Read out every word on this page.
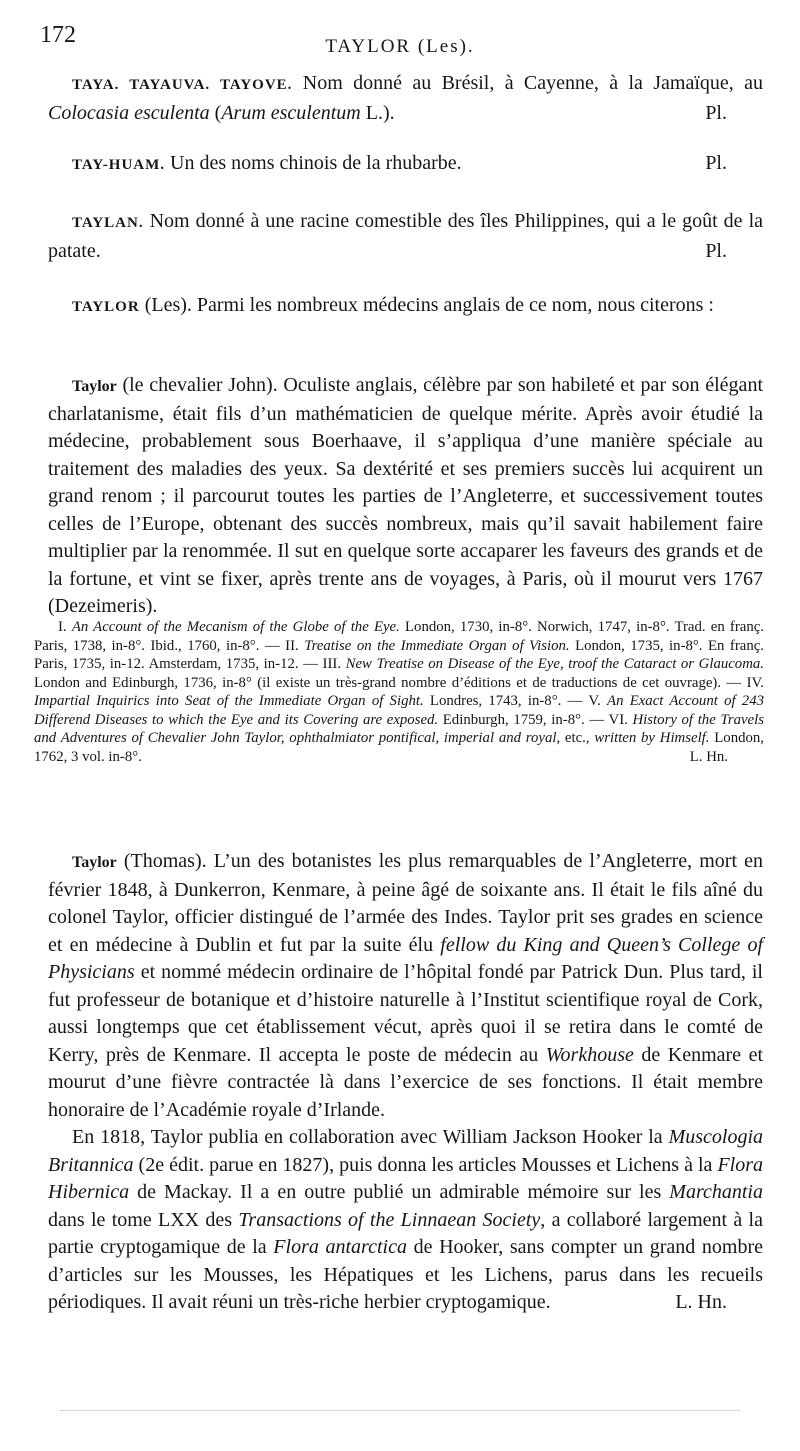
172	TAYLOR (Les).

TAYA. TAYAUVA. TAYOVE. Nom donné au Brésil, à Cayenne, à la Jamaïque, au Colocasia esculenta (Arum esculentum L.).	Pl.

TAY-HUAM. Un des noms chinois de la rhubarbe.	Pl.

TAYLAN. Nom donné à une racine comestible des îles Philippines, qui a le goût de la patate.	Pl.

TAYLOR (Les). Parmi les nombreux médecins anglais de ce nom, nous citerons :

Taylor (le chevalier John). Oculiste anglais, célèbre par son habileté et par son élégant charlatanisme, était fils d’un mathématicien de quelque mérite. Après avoir étudié la médecine, probablement sous Boerhaave, il s’appliqua d’une manière spéciale au traitement des maladies des yeux. Sa dextérité et ses premiers succès lui acquirent un grand renom ; il parcourut toutes les parties de l’Angleterre, et successivement toutes celles de l’Europe, obtenant des succès nombreux, mais qu’il savait habilement faire multiplier par la renommée. Il sut en quelque sorte accaparer les faveurs des grands et de la fortune, et vint se fixer, après trente ans de voyages, à Paris, où il mourut vers 1767 (Dezeimeris).

I. An Account of the Mecanism of the Globe of the Eye. London, 1730, in-8°. Norwich, 1747, in-8°. Trad. en franç. Paris, 1738, in-8°. Ibid., 1760, in-8°. — II. Treatise on the Immediate Organ of Vision. London, 1735, in-8°. En franç. Paris, 1735, in-12. Amsterdam, 1735, in-12. — III. New Treatise on Disease of the Eye, troof the Cataract or Glaucoma. London and Edinburgh, 1736, in-8° (il existe un très-grand nombre d’éditions et de traductions de cet ouvrage). — IV. Impartial Inquirics into Seat of the Immediate Organ of Sight. Londres, 1743, in-8°. — V. An Exact Account of 243 Differend Diseases to which the Eye and its Covering are exposed. Edinburgh, 1759, in-8°. — VI. History of the Travels and Adventures of Chevalier John Taylor, ophthalmiator pontifical, imperial and royal, etc., written by Himself. London, 1762, 3 vol. in-8°.	L. Hn.

Taylor (Thomas). L’un des botanistes les plus remarquables de l’Angleterre, mort en février 1848, à Dunkerron, Kenmare, à peine âgé de soixante ans. Il était le fils aîné du colonel Taylor, officier distingué de l’armée des Indes. Taylor prit ses grades en science et en médecine à Dublin et fut par la suite élu fellow du King and Queen’s College of Physicians et nommé médecin ordinaire de l’hôpital fondé par Patrick Dun. Plus tard, il fut professeur de botanique et d’histoire naturelle à l’Institut scientifique royal de Cork, aussi longtemps que cet établissement vécut, après quoi il se retira dans le comté de Kerry, près de Kenmare. Il accepta le poste de médecin au Workhouse de Kenmare et mourut d’une fièvre contractée là dans l’exercice de ses fonctions. Il était membre honoraire de l’Académie royale d’Irlande.

En 1818, Taylor publia en collaboration avec William Jackson Hooker la Muscologia Britannica (2e édit. parue en 1827), puis donna les articles Mousses et Lichens à la Flora Hibernica de Mackay. Il a en outre publié un admirable mémoire sur les Marchantia dans le tome LXX des Transactions of the Linnaean Society, a collaboré largement à la partie cryptogamique de la Flora antarctica de Hooker, sans compter un grand nombre d’articles sur les Mousses, les Hépatiques et les Lichens, parus dans les recueils périodiques. Il avait réuni un très-riche herbier cryptogamique.	L. Hn.
